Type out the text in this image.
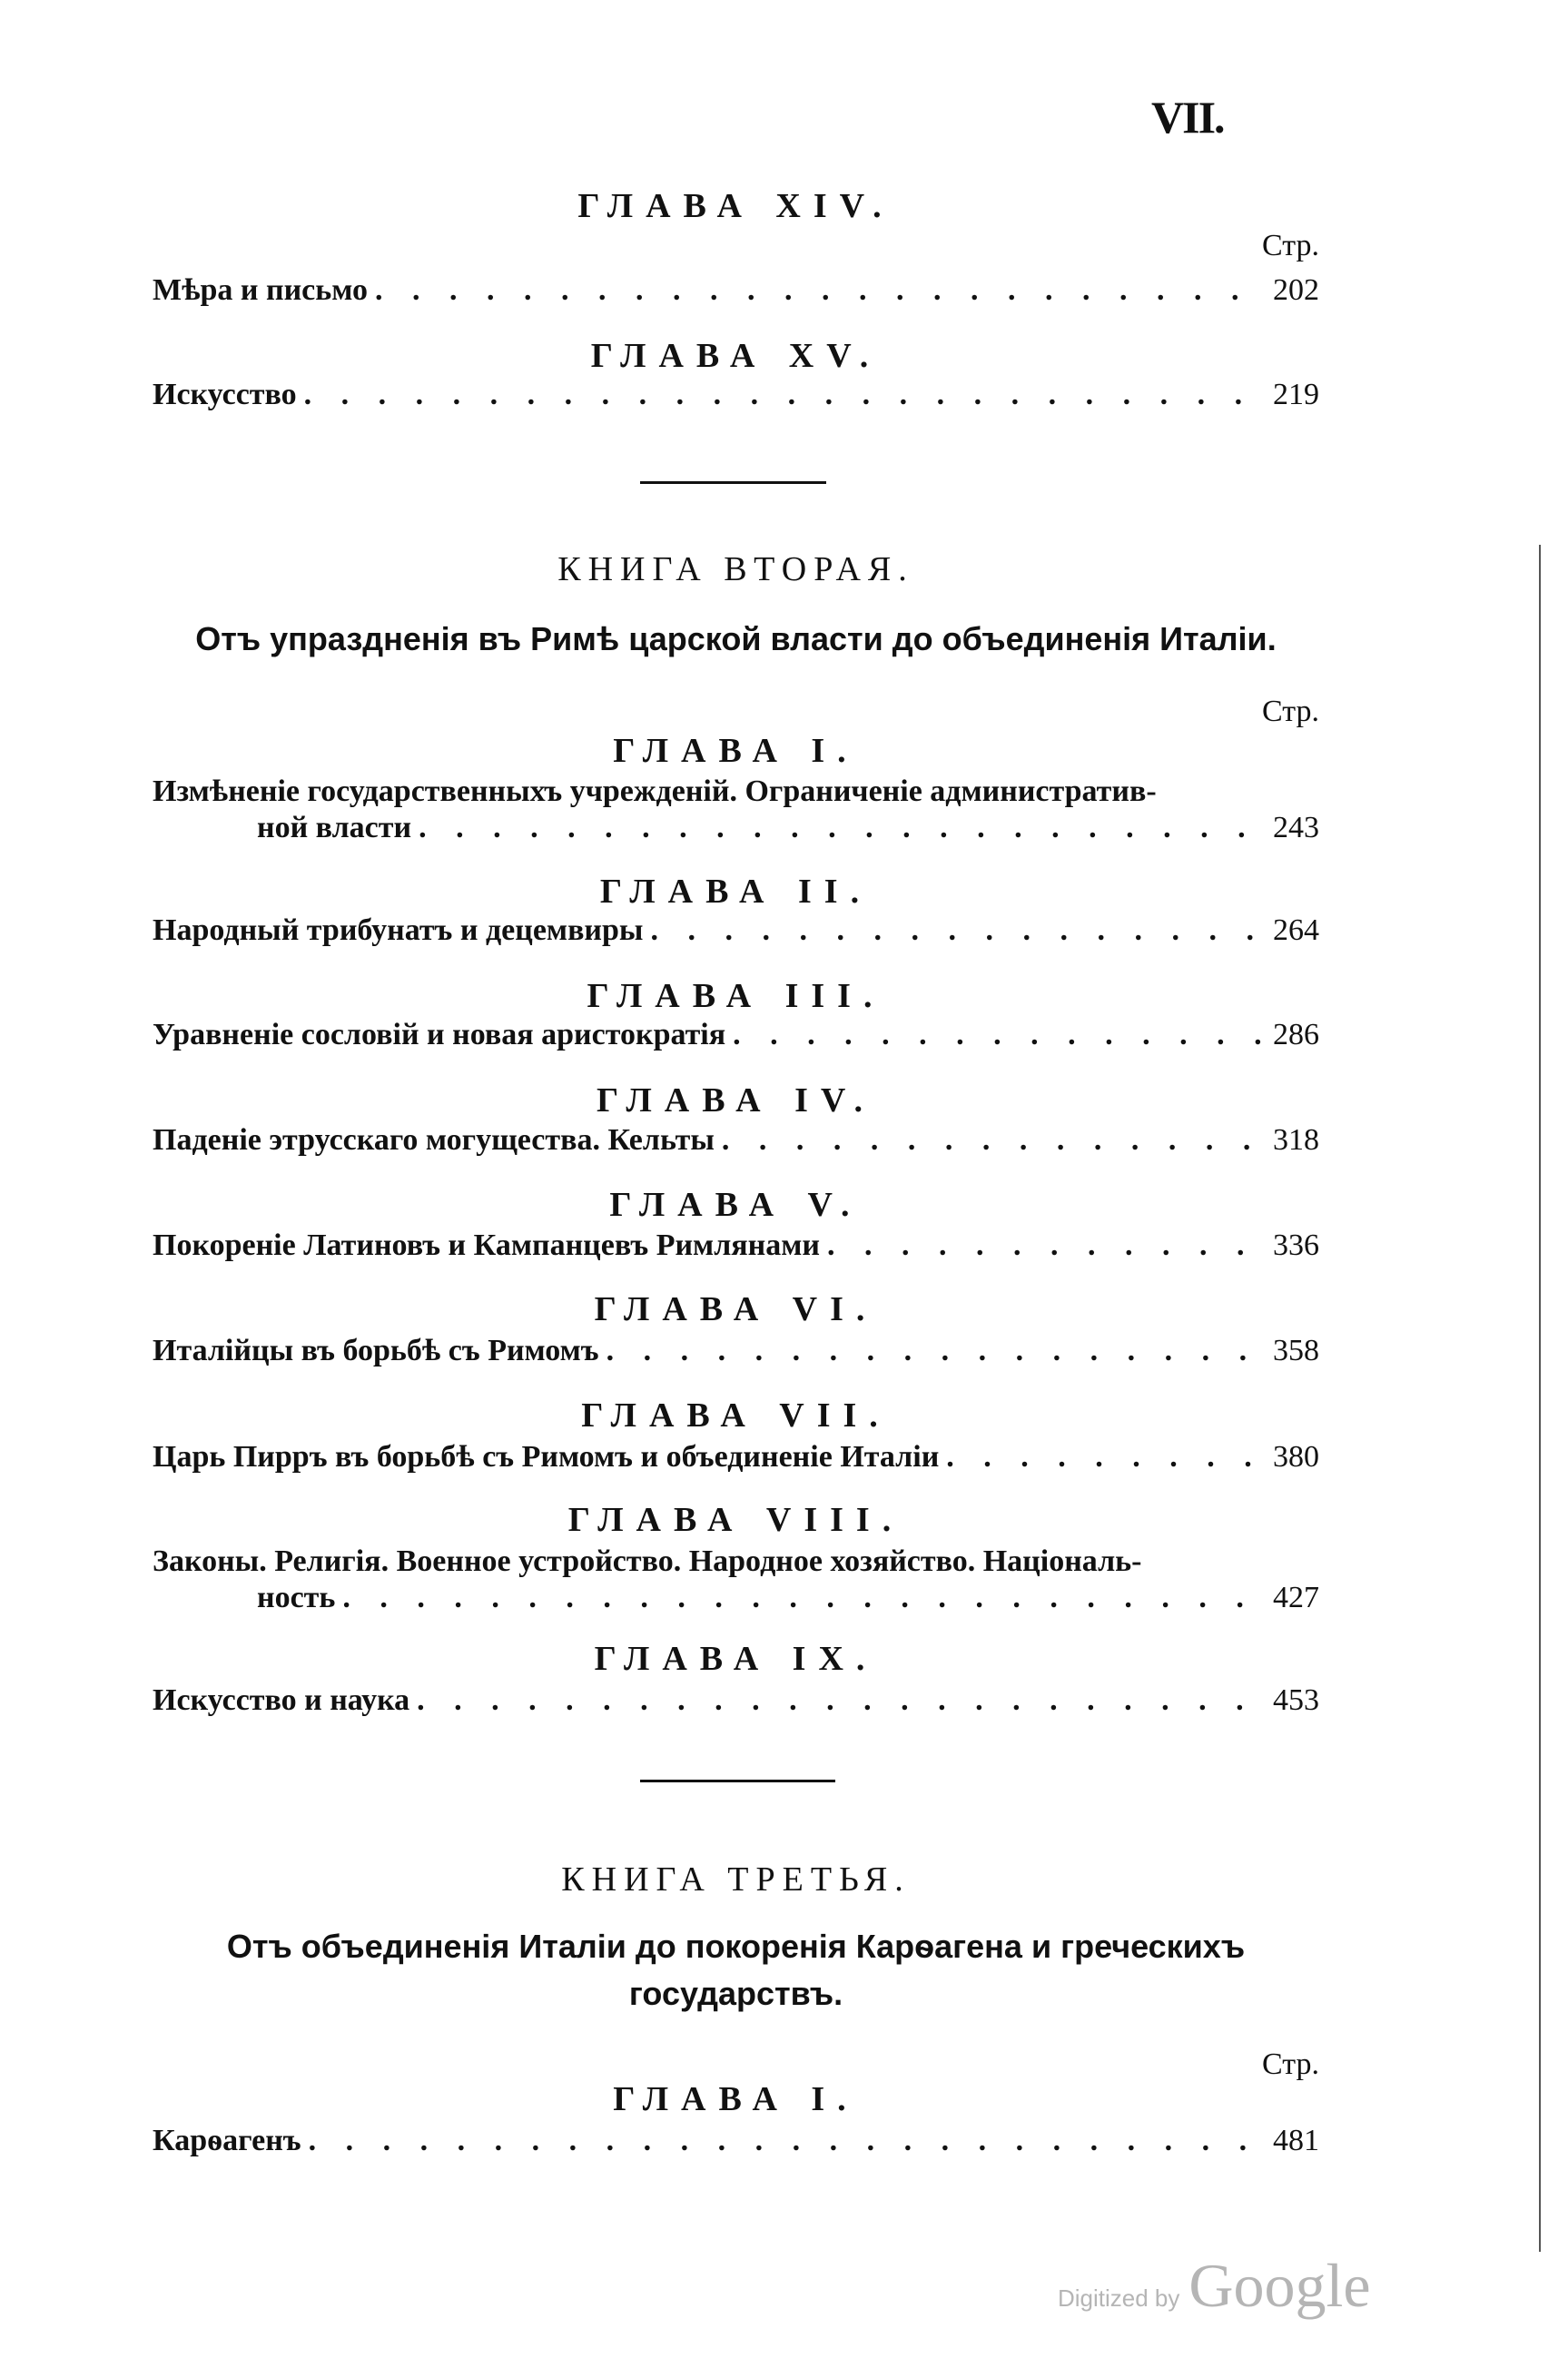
VII.
ГЛАВА XIV.
Стр.
Мѣра и письмо . . .	202
ГЛАВА XV.
Искусство . . .	219
КНИГА ВТОРАЯ.
Отъ упраздненія въ Римѣ царской власти до объединенія Италіи.
Стр.
ГЛАВА I.
Измѣненіе государственныхъ учрежденій. Ограниченіе административ-
ной власти . . .	243
ГЛАВА II.
Народный трибунатъ и децемвиры . . .	264
ГЛАВА III.
Уравненіе сословій и новая аристократія . . .	286
ГЛАВА IV.
Паденіе этрусскаго могущества. Кельты . . .	318
ГЛАВА V.
Покореніе Латиновъ и Кампанцевъ Римлянами . . .	336
ГЛАВА VI.
Италійцы въ борьбѣ съ Римомъ . . .	358
ГЛАВА VII.
Царь Пирръ въ борьбѣ съ Римомъ и объединеніе Италіи . . .	380
ГЛАВА VIII.
Законы. Религія. Военное устройство. Народное хозяйство. Національ-
ность . . .	427
ГЛАВА IX.
Искусство и наука . . .	453
КНИГА ТРЕТЬЯ.
Отъ объединенія Италіи до покоренія Карѳагена и греческихъ
государствъ.
Стр.
ГЛАВА I.
Карѳагенъ . . .	481
Digitized by Google
